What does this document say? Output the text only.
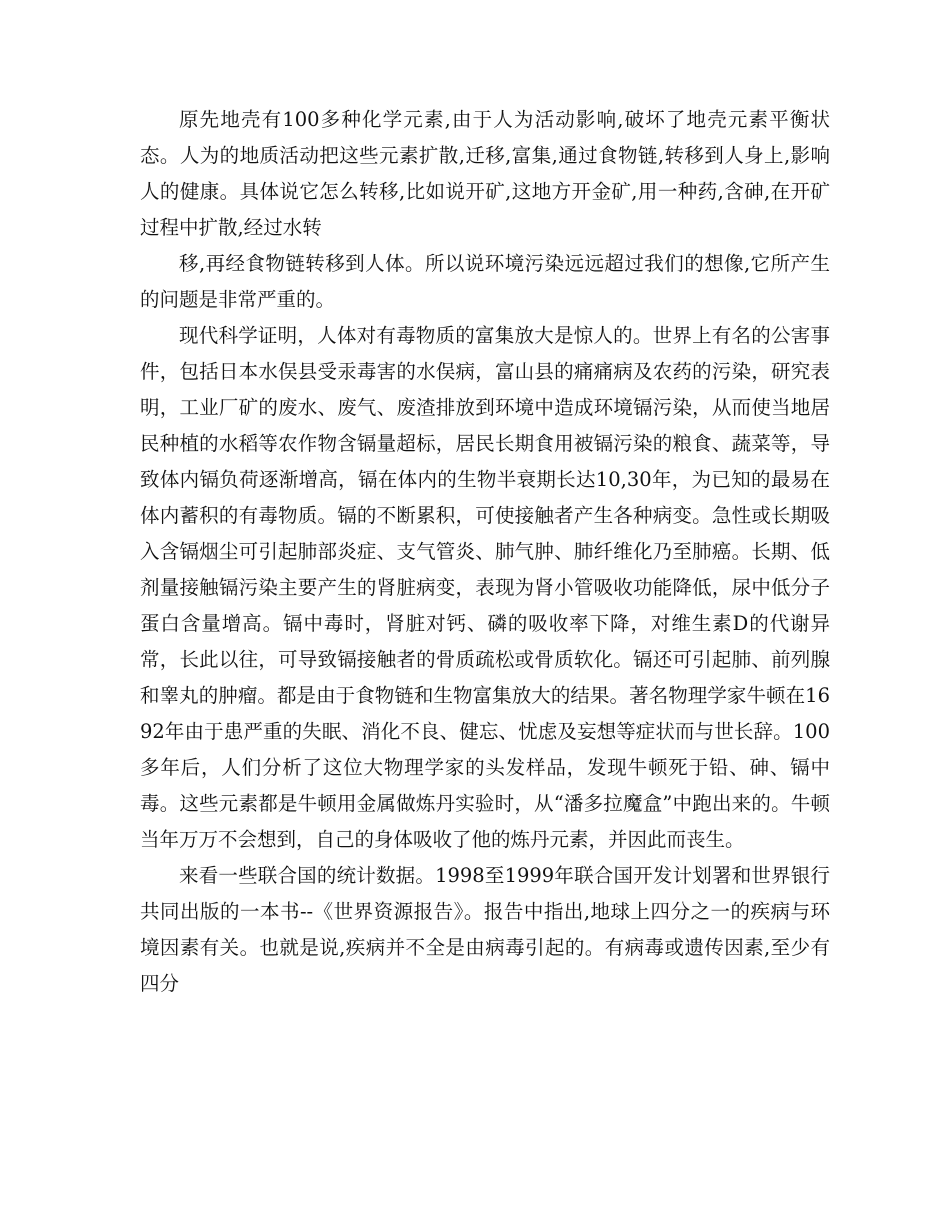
原先地壳有100多种化学元素,由于人为活动影响,破坏了地壳元素平衡状态。人为的地质活动把这些元素扩散,迁移,富集,通过食物链,转移到人身上,影响人的健康。具体说它怎么转移,比如说开矿,这地方开金矿,用一种药,含砷,在开矿过程中扩散,经过水转

移,再经食物链转移到人体。所以说环境污染远远超过我们的想像,它所产生的问题是非常严重的。

现代科学证明，人体对有毒物质的富集放大是惊人的。世界上有名的公害事件，包括日本水俣县受汞毒害的水俣病，富山县的痛痛病及农药的污染，研究表明，工业厂矿的废水、废气、废渣排放到环境中造成环境镉污染，从而使当地居民种植的水稻等农作物含镉量超标，居民长期食用被镉污染的粮食、蔬菜等，导致体内镉负荷逐渐增高，镉在体内的生物半衰期长达10,30年，为已知的最易在体内蓄积的有毒物质。镉的不断累积，可使接触者产生各种病变。急性或长期吸入含镉烟尘可引起肺部炎症、支气管炎、肺气肿、肺纤维化乃至肺癌。长期、低剂量接触镉污染主要产生的肾脏病变，表现为肾小管吸收功能降低，尿中低分子蛋白含量增高。镉中毒时，肾脏对钙、磷的吸收率下降，对维生素D的代谢异常，长此以往，可导致镉接触者的骨质疏松或骨质软化。镉还可引起肺、前列腺和睾丸的肿瘤。都是由于食物链和生物富集放大的结果。著名物理学家牛顿在1692年由于患严重的失眠、消化不良、健忘、忧虑及妄想等症状而与世长辞。100多年后，人们分析了这位大物理学家的头发样品，发现牛顿死于铅、砷、镉中毒。这些元素都是牛顿用金属做炼丹实验时，从“潘多拉魔盒”中跑出来的。牛顿当年万万不会想到，自己的身体吸收了他的炼丹元素，并因此而丧生。

来看一些联合国的统计数据。1998至1999年联合国开发计划署和世界银行共同出版的一本书--《世界资源报告》。报告中指出,地球上四分之一的疾病与环境因素有关。也就是说,疾病并不全是由病毒引起的。有病毒或遗传因素,至少有四分
